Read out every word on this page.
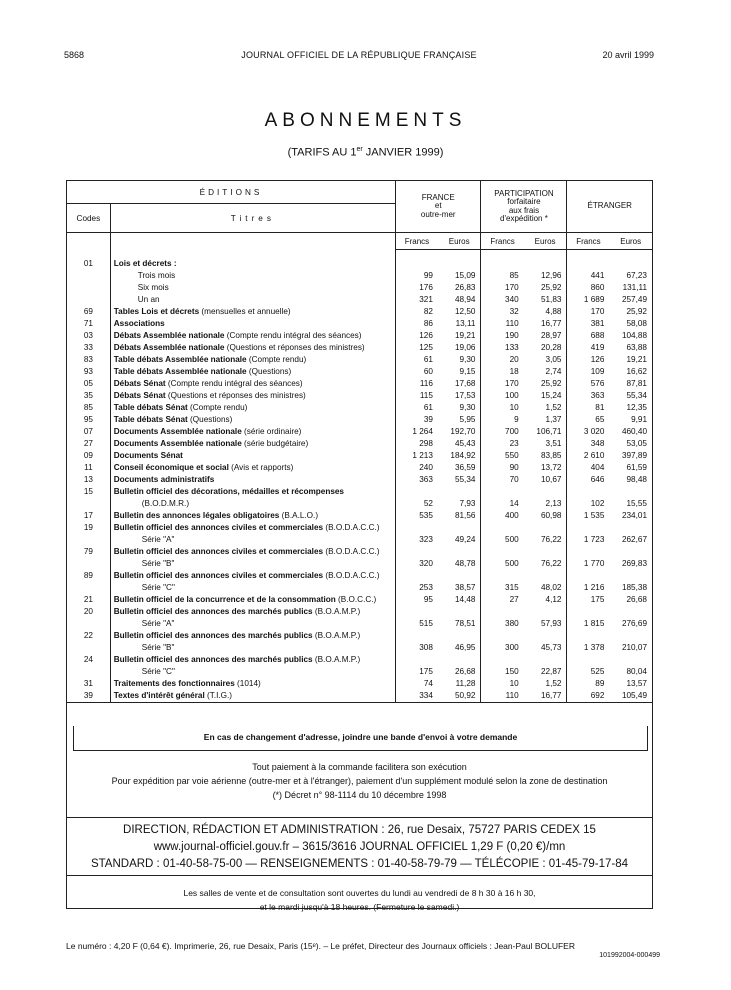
5868	JOURNAL OFFICIEL DE LA RÉPUBLIQUE FRANÇAISE	20 avril 1999
ABONNEMENTS
(TARIFS AU 1er JANVIER 1999)
ÉDITIONS		FRANCE
et
outre-mer		PARTICIPATION
forfaitaire
aux frais
d'expédition *		ÉTRANGER	
Codes	Titres						
		Francs	Euros	Francs	Euros	Francs	Euros

01	Lois et décrets :						

	Trois mois	99	15,09	85	12,96	441	67,23

	Six mois	176	26,83	170	25,92	860	131,11

	Un an	321	48,94	340	51,83	1 689	257,49
69	Tables Lois et décrets (mensuelles et annuelle)	82	12,50	32	4,88	170	25,92
71	Associations	86	13,11	110	16,77	381	58,08
03	Débats Assemblée nationale (Compte rendu intégral des séances)	126	19,21	190	28,97	688	104,88
33	Débats Assemblée nationale (Questions et réponses des ministres)	125	19,06	133	20,28	419	63,88
83	Table débats Assemblée nationale (Compte rendu)	61	9,30	20	3,05	126	19,21
93	Table débats Assemblée nationale (Questions)	60	9,15	18	2,74	109	16,62
05	Débats Sénat (Compte rendu intégral des séances)	116	17,68	170	25,92	576	87,81
35	Débats Sénat (Questions et réponses des ministres)	115	17,53	100	15,24	363	55,34
85	Table débats Sénat (Compte rendu)	61	9,30	10	1,52	81	12,35
95	Table débats Sénat (Questions)	39	5,95	9	1,37	65	9,91
07	Documents Assemblée nationale (série ordinaire)	1 264	192,70	700	106,71	3 020	460,40
27	Documents Assemblée nationale (série budgétaire)	298	45,43	23	3,51	348	53,05
09	Documents Sénat	1 213	184,92	550	83,85	2 610	397,89
11	Conseil économique et social (Avis et rapports)	240	36,59	90	13,72	404	61,59
13	Documents administratifs	363	55,34	70	10,67	646	98,48
15	Bulletin officiel des décorations, médailles et récompenses
(B.O.D.M.R.)	52	7,93	14	2,13	102	15,55
17	Bulletin des annonces légales obligatoires (B.A.L.O.)	535	81,56	400	60,98	1 535	234,01
19	Bulletin officiel des annonces civiles et commerciales (B.O.D.A.C.C.)
Série "A"	323	49,24	500	76,22	1 723	262,67
79	Bulletin officiel des annonces civiles et commerciales (B.O.D.A.C.C.)
Série "B"	320	48,78	500	76,22	1 770	269,83
89	Bulletin officiel des annonces civiles et commerciales (B.O.D.A.C.C.)
Série "C"	253	38,57	315	48,02	1 216	185,38
21	Bulletin officiel de la concurrence et de la consommation (B.O.C.C.)	95	14,48	27	4,12	175	26,68
20	Bulletin officiel des annonces des marchés publics (B.O.A.M.P.)
Série "A"	515	78,51	380	57,93	1 815	276,69
22	Bulletin officiel des annonces des marchés publics (B.O.A.M.P.)
Série "B"	308	46,95	300	45,73	1 378	210,07
24	Bulletin officiel des annonces des marchés publics (B.O.A.M.P.)
Série "C"	175	26,68	150	22,87	525	80,04
31	Traitements des fonctionnaires (1014)	74	11,28	10	1,52	89	13,57
39	Textes d'intérêt général (T.I.G.)	334	50,92	110	16,77	692	105,49
En cas de changement d'adresse, joindre une bande d'envoi à votre demande
Tout paiement à la commande facilitera son exécution
Pour expédition par voie aérienne (outre-mer et à l'étranger), paiement d'un supplément modulé selon la zone de destination
(*) Décret n° 98-1114 du 10 décembre 1998
DIRECTION, RÉDACTION ET ADMINISTRATION : 26, rue Desaix, 75727 PARIS CEDEX 15
www.journal-officiel.gouv.fr – 3615/3616 JOURNAL OFFICIEL 1,29 F (0,20 €)/mn
STANDARD : 01-40-58-75-00 — RENSEIGNEMENTS : 01-40-58-79-79 — TÉLÉCOPIE : 01-45-79-17-84
Les salles de vente et de consultation sont ouvertes du lundi au vendredi de 8 h 30 à 16 h 30,
et le mardi jusqu'à 18 heures. (Fermeture le samedi.)
Le numéro : 4,20 F (0,64 €). Imprimerie, 26, rue Desaix, Paris (15ᵉ). – Le préfet, Directeur des Journaux officiels : Jean-Paul BOLUFER
101992004-000499
